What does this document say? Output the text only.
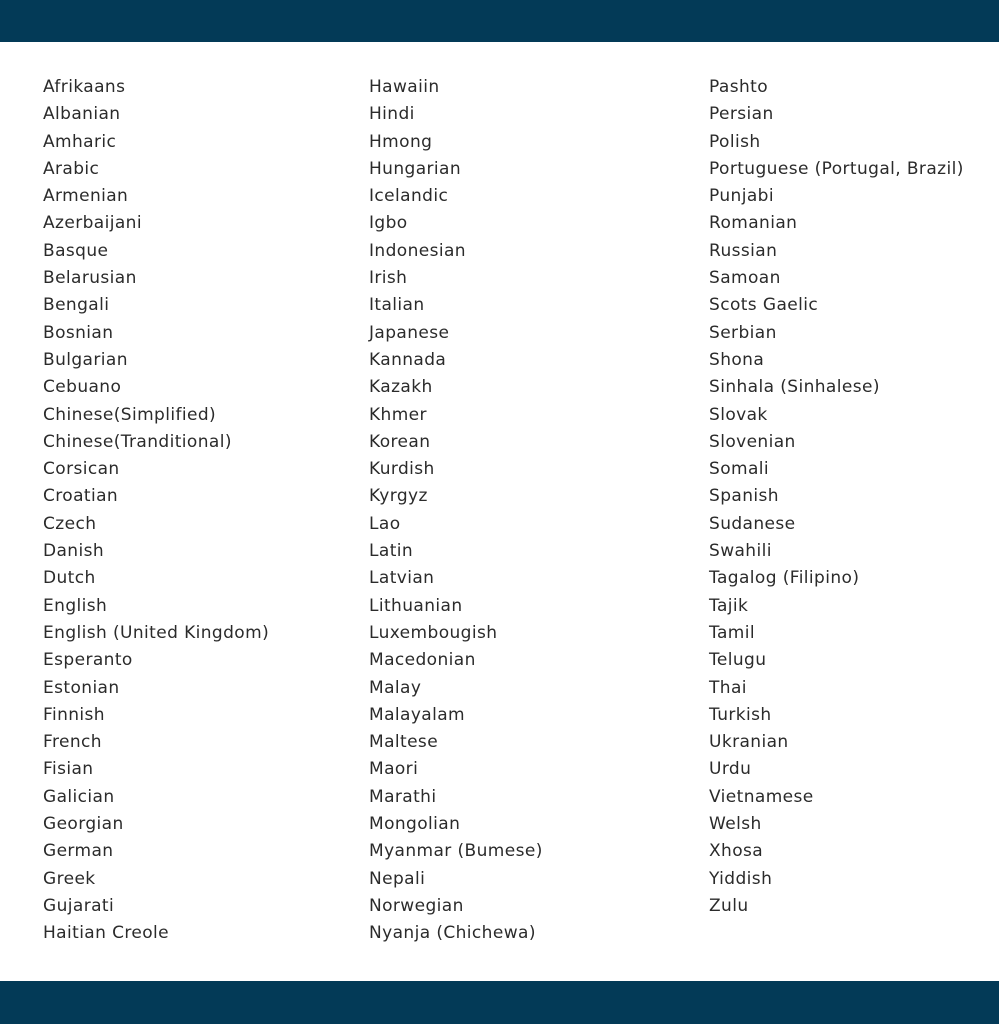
Afrikaans
Albanian
Amharic
Arabic
Armenian
Azerbaijani
Basque
Belarusian
Bengali
Bosnian
Bulgarian
Cebuano
Chinese(Simplified)
Chinese(Tranditional)
Corsican
Croatian
Czech
Danish
Dutch
English
English (United Kingdom)
Esperanto
Estonian
Finnish
French
Fisian
Galician
Georgian
German
Greek
Gujarati
Haitian Creole
Hawaiin
Hindi
Hmong
Hungarian
Icelandic
Igbo
Indonesian
Irish
Italian
Japanese
Kannada
Kazakh
Khmer
Korean
Kurdish
Kyrgyz
Lao
Latin
Latvian
Lithuanian
Luxembougish
Macedonian
Malay
Malayalam
Maltese
Maori
Marathi
Mongolian
Myanmar (Bumese)
Nepali
Norwegian
Nyanja (Chichewa)
Pashto
Persian
Polish
Portuguese (Portugal, Brazil)
Punjabi
Romanian
Russian
Samoan
Scots Gaelic
Serbian
Shona
Sinhala (Sinhalese)
Slovak
Slovenian
Somali
Spanish
Sudanese
Swahili
Tagalog (Filipino)
Tajik
Tamil
Telugu
Thai
Turkish
Ukranian
Urdu
Vietnamese
Welsh
Xhosa
Yiddish
Zulu
